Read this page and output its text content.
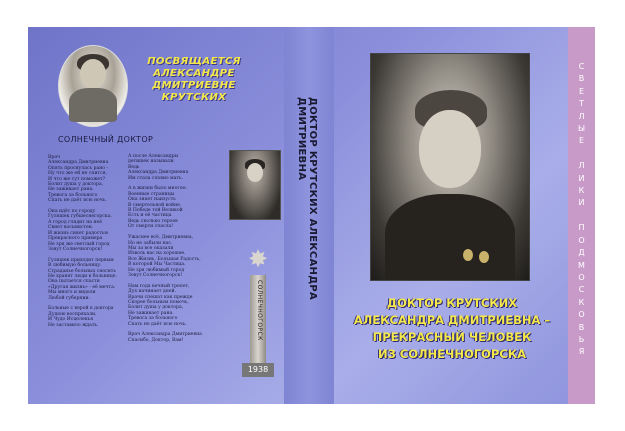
ПОСВЯЩАЕТСЯ АЛЕКСАНДРЕ ДМИТРИЕВНЕ КРУТСКИХ
СОЛНЕЧНЫЙ ДОКТОР
Врач
Александра Дмитриевна
Опять проснулась рано -
Ну что же ей не спится,
И что же тут поможет?
Болит душа у доктора,
Не заживает рана.
Тревога за больного
Спать не даёт всю ночь.

Она идёт по городу
Гуляшек губшеснегорска.
А город глядит на неё
Свиет восьмистен.
И жизнь сияет радостью
Прекрасного примера
Не зря же светлый город
Зовут Солнечногорск!

Гуляшек приходит первым
В любимую больницу.
Страданье больных сносить
Не хранят люди в больнице.
Она пытается спасти
«Другая жизнь» - её мечта.
Мы много и видели
Любой губернии.

Больные с верой в доктора
Душою воспряхали,
И Чудо Исцеленья
Не заставило ждать.
А после Александры
детишек называли
Ведь
Александра Дмитриевна
Им стала словно мать.

А в жизни было многое:
Военные страницы
Она знает наизусть
В смертельной войне,
В Победе той Великой
Есть и её частица
Ведь сколько героев
От смерти спасла!

Ужаснее всё, Дмитриевна,
Но не забыли нас.
Мы за все оказали
Изволь вас на хорошее.
Все Жизнь, Большая Радость,
В которой Мы Частица.
Не зря любимый город
Зовут Солнечногорск!

Нам года вечный трепет,
Дух начинает дней.
Врачи спешат как прежде
Скорее больным помочь,
Болит душа у доктора,
Не заживает рана.
Тревога за больного
Спать не даёт всю ночь.

Врач Александра Дмитриевна
Спасибо, Доктор, Вам!
✸
СОЛНЕЧНОГОРСК
1938
ДОКТОР КРУТСКИХ АЛЕКСАНДРА ДМИТРИЕВНА
ДОКТОР КРУТСКИХ
АЛЕКСАНДРА ДМИТРИЕВНА –
ПРЕКРАСНЫЙ ЧЕЛОВЕК
ИЗ СОЛНЕЧНОГОРСКА
С
В
Е
Т
Л
Ы
Е

Л
И
К
И

П
О
Д
М
О
С
К
О
В
Ь
Я
